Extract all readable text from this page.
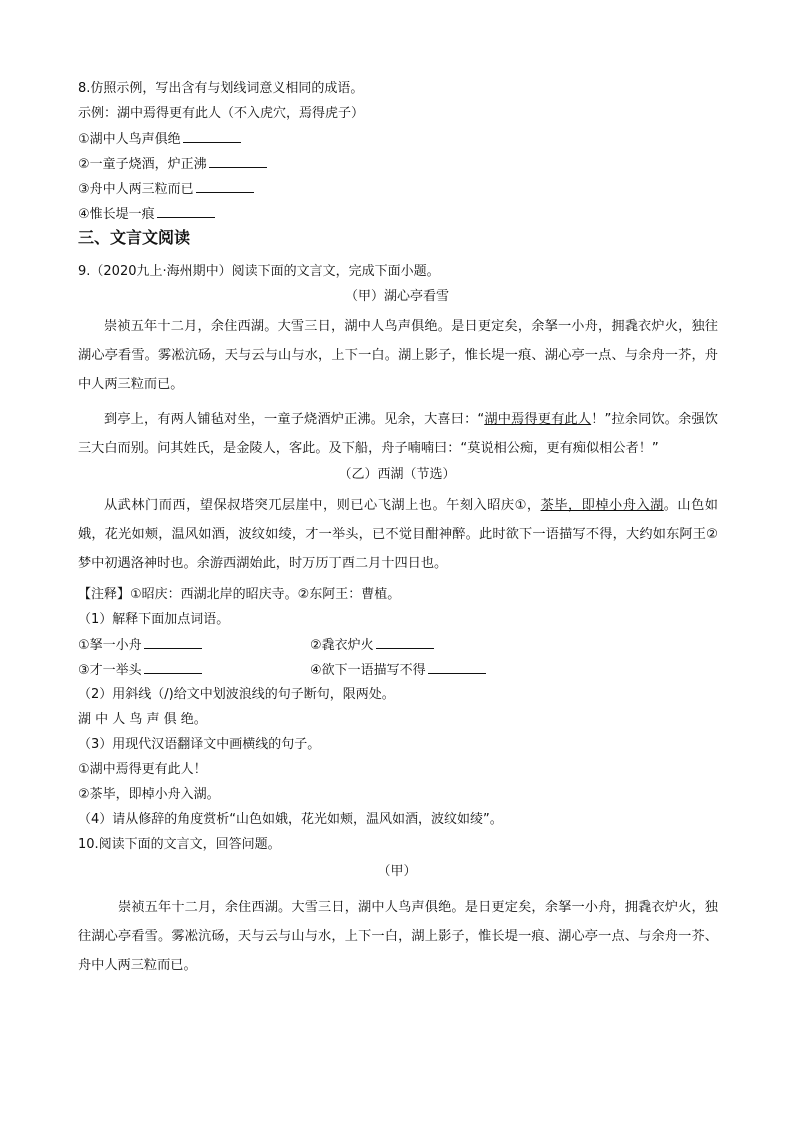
8.仿照示例，写出含有与划线词意义相同的成语。
示例：湖中焉得更有此人（不入虎穴，焉得虎子）
①湖中人鸟声俱绝
②一童子烧酒，炉正沸
③舟中人两三粒而已
④惟长堤一痕
三、文言文阅读
9.（2020九上·海州期中）阅读下面的文言文，完成下面小题。
（甲）湖心亭看雪
崇祯五年十二月，余住西湖。大雪三日，湖中人鸟声俱绝。是日更定矣，余拏一小舟，拥毳衣炉火，独往湖心亭看雪。雾凇沆砀，天与云与山与水，上下一白。湖上影子，惟长堤一痕、湖心亭一点、与余舟一芥，舟中人两三粒而已。
到亭上，有两人铺毡对坐，一童子烧酒炉正沸。见余，大喜曰：“湖中焉得更有此人！”拉余同饮。余强饮三大白而别。问其姓氏，是金陵人，客此。及下船，舟子喃喃曰：“莫说相公痴，更有痴似相公者！”
（乙）西湖（节选）
从武林门而西，望保叔塔突兀层崖中，则已心飞湖上也。午刻入昭庆①，茶毕，即棹小舟入湖。山色如娥，花光如颊，温风如酒，波纹如绫，才一举头，已不觉目酣神醉。此时欲下一语描写不得，大约如东阿王②梦中初遇洛神时也。余游西湖始此，时万历丁酉二月十四日也。
【注释】①昭庆：西湖北岸的昭庆寺。②东阿王：曹植。
（1）解释下面加点词语。
①拏一小舟	②毳衣炉火
③才一举头	④欲下一语描写不得
（2）用斜线（/)给文中划波浪线的句子断句，限两处。
湖 中 人 鸟 声 俱 绝。
（3）用现代汉语翻译文中画横线的句子。
①湖中焉得更有此人！
②茶毕，即棹小舟入湖。
（4）请从修辞的角度赏析“山色如娥，花光如颊，温风如酒，波纹如绫”。
10.阅读下面的文言文，回答问题。
（甲）
崇祯五年十二月，余住西湖。大雪三日，湖中人鸟声俱绝。是日更定矣，余拏一小舟，拥毳衣炉火，独往湖心亭看雪。雾凇沆砀，天与云与山与水，上下一白，湖上影子，惟长堤一痕、湖心亭一点、与余舟一芥、舟中人两三粒而已。
